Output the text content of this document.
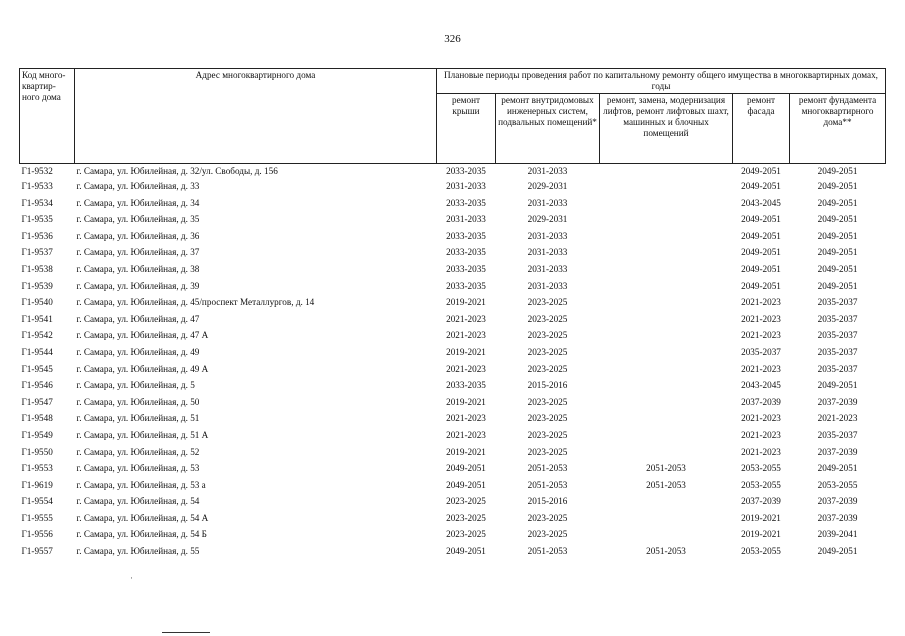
326
Код много-квартир-ного дома	Адрес многоквартирного дома	Плановые периоды проведения работ по капитальному ремонту общего имущества в многоквартирных домах, годы				
		ремонт крыши	ремонт внутридомовых инженерных систем, подвальных помещений*	ремонт, замена, модернизация лифтов, ремонт лифтовых шахт, машинных и блочных помещений	ремонт фасада	ремонт фундамента многоквартирного дома**
Г1-9532	г. Самара, ул. Юбилейная, д. 32/ул. Свободы, д. 156	2033-2035	2031-2033		2049-2051	2049-2051
Г1-9533	г. Самара, ул. Юбилейная, д. 33	2031-2033	2029-2031		2049-2051	2049-2051
Г1-9534	г. Самара, ул. Юбилейная, д. 34	2033-2035	2031-2033		2043-2045	2049-2051
Г1-9535	г. Самара, ул. Юбилейная, д. 35	2031-2033	2029-2031		2049-2051	2049-2051
Г1-9536	г. Самара, ул. Юбилейная, д. 36	2033-2035	2031-2033		2049-2051	2049-2051
Г1-9537	г. Самара, ул. Юбилейная, д. 37	2033-2035	2031-2033		2049-2051	2049-2051
Г1-9538	г. Самара, ул. Юбилейная, д. 38	2033-2035	2031-2033		2049-2051	2049-2051
Г1-9539	г. Самара, ул. Юбилейная, д. 39	2033-2035	2031-2033		2049-2051	2049-2051
Г1-9540	г. Самара, ул. Юбилейная, д. 45/проспект Металлургов, д. 14	2019-2021	2023-2025		2021-2023	2035-2037
Г1-9541	г. Самара, ул. Юбилейная, д. 47	2021-2023	2023-2025		2021-2023	2035-2037
Г1-9542	г. Самара, ул. Юбилейная, д. 47 А	2021-2023	2023-2025		2021-2023	2035-2037
Г1-9544	г. Самара, ул. Юбилейная, д. 49	2019-2021	2023-2025		2035-2037	2035-2037
Г1-9545	г. Самара, ул. Юбилейная, д. 49 А	2021-2023	2023-2025		2021-2023	2035-2037
Г1-9546	г. Самара, ул. Юбилейная, д. 5	2033-2035	2015-2016		2043-2045	2049-2051
Г1-9547	г. Самара, ул. Юбилейная, д. 50	2019-2021	2023-2025		2037-2039	2037-2039
Г1-9548	г. Самара, ул. Юбилейная, д. 51	2021-2023	2023-2025		2021-2023	2021-2023
Г1-9549	г. Самара, ул. Юбилейная, д. 51 А	2021-2023	2023-2025		2021-2023	2035-2037
Г1-9550	г. Самара, ул. Юбилейная, д. 52	2019-2021	2023-2025		2021-2023	2037-2039
Г1-9553	г. Самара, ул. Юбилейная, д. 53	2049-2051	2051-2053	2051-2053	2053-2055	2049-2051
Г1-9619	г. Самара, ул. Юбилейная, д. 53 а	2049-2051	2051-2053	2051-2053	2053-2055	2053-2055
Г1-9554	г. Самара, ул. Юбилейная, д. 54	2023-2025	2015-2016		2037-2039	2037-2039
Г1-9555	г. Самара, ул. Юбилейная, д. 54 А	2023-2025	2023-2025		2019-2021	2037-2039
Г1-9556	г. Самара, ул. Юбилейная, д. 54 Б	2023-2025	2023-2025		2019-2021	2039-2041
Г1-9557	г. Самара, ул. Юбилейная, д. 55	2049-2051	2051-2053	2051-2053	2053-2055	2049-2051
·
